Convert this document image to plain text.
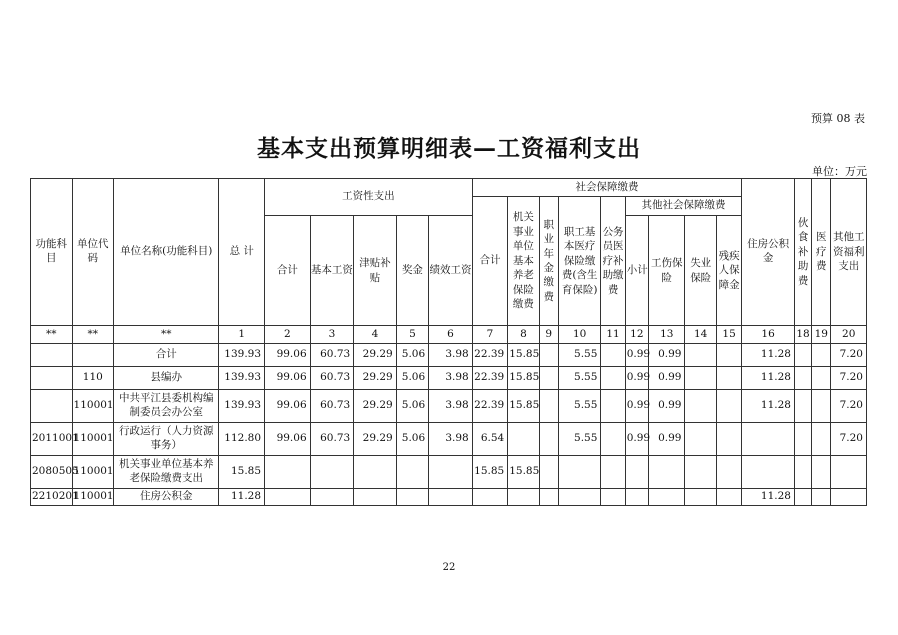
预算 08 表
基本支出预算明细表—工资福利支出
单位：万元
功能科目	单位代码	单位名称(功能科目)	总 计	工资性支出					社会保障缴费									住房公积金	伙食补助费	医疗费	其他工资福利支出
									合计	机关事业单位基本养老保险缴费	职业年金缴费	职工基本医疗保险缴费(含生育保险)	公务员医疗补助缴费	其他社会保障缴费							
				合计	基本工资	津贴补贴	奖金	绩效工资						小计	工伤保险	失业保险	残疾人保障金				
**	**	**	1	2	3	4	5	6	7	8	9	10	11	12	13	14	15	16	18	19	20
		合计	139.93	99.06	60.73	29.29	5.06	3.98	22.39	15.85		5.55		0.99	0.99			11.28			7.20
	110	县编办	139.93	99.06	60.73	29.29	5.06	3.98	22.39	15.85		5.55		0.99	0.99			11.28			7.20
	110001	中共平江县委机构编制委员会办公室	139.93	99.06	60.73	29.29	5.06	3.98	22.39	15.85		5.55		0.99	0.99			11.28			7.20
2011001	110001	行政运行（人力资源事务）	112.80	99.06	60.73	29.29	5.06	3.98	6.54			5.55		0.99	0.99						7.20
2080505	110001	机关事业单位基本养老保险缴费支出	15.85						15.85	15.85											
2210201	110001	住房公积金	11.28															11.28			
22
